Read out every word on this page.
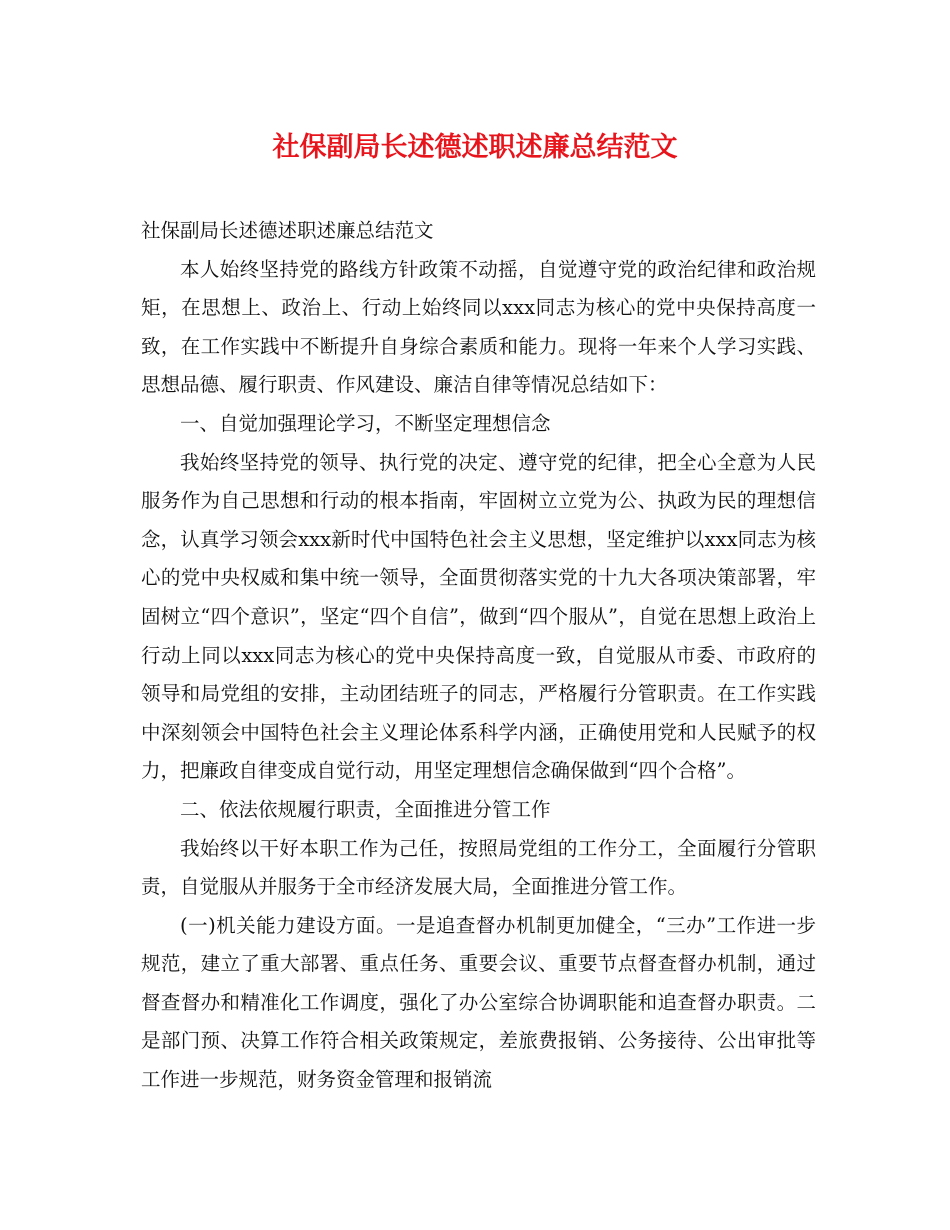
社保副局长述德述职述廉总结范文

社保副局长述德述职述廉总结范文

本人始终坚持党的路线方针政策不动摇，自觉遵守党的政治纪律和政治规矩，在思想上、政治上、行动上始终同以xxx同志为核心的党中央保持高度一致，在工作实践中不断提升自身综合素质和能力。现将一年来个人学习实践、思想品德、履行职责、作风建设、廉洁自律等情况总结如下：

一、自觉加强理论学习，不断坚定理想信念

我始终坚持党的领导、执行党的决定、遵守党的纪律，把全心全意为人民服务作为自己思想和行动的根本指南，牢固树立立党为公、执政为民的理想信念，认真学习领会xxx新时代中国特色社会主义思想，坚定维护以xxx同志为核心的党中央权威和集中统一领导，全面贯彻落实党的十九大各项决策部署，牢固树立“四个意识”，坚定“四个自信”，做到“四个服从”，自觉在思想上政治上行动上同以xxx同志为核心的党中央保持高度一致，自觉服从市委、市政府的领导和局党组的安排，主动团结班子的同志，严格履行分管职责。在工作实践中深刻领会中国特色社会主义理论体系科学内涵，正确使用党和人民赋予的权力，把廉政自律变成自觉行动，用坚定理想信念确保做到“四个合格”。

二、依法依规履行职责，全面推进分管工作

我始终以干好本职工作为己任，按照局党组的工作分工，全面履行分管职责，自觉服从并服务于全市经济发展大局，全面推进分管工作。

(一)机关能力建设方面。一是追查督办机制更加健全，“三办”工作进一步规范，建立了重大部署、重点任务、重要会议、重要节点督查督办机制，通过督查督办和精准化工作调度，强化了办公室综合协调职能和追查督办职责。二是部门预、决算工作符合相关政策规定，差旅费报销、公务接待、公出审批等工作进一步规范，财务资金管理和报销流
